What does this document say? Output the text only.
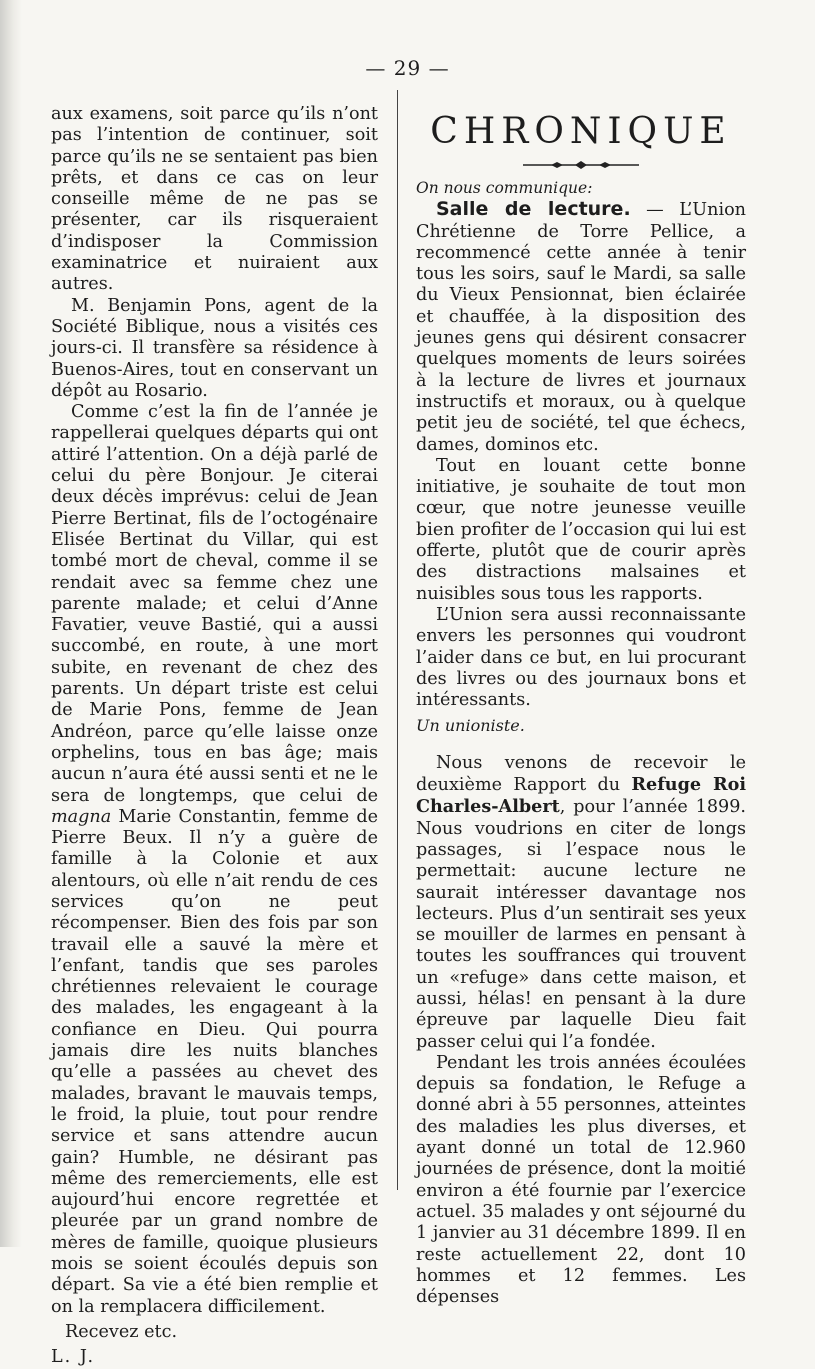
— 29 —

aux examens, soit parce qu’ils n’ont pas l’intention de continuer, soit parce qu’ils ne se sentaient pas bien prêts, et dans ce cas on leur conseille même de ne pas se présenter, car ils risqueraient d’indisposer la Commission examinatrice et nuiraient aux autres.

M. Benjamin Pons, agent de la Société Biblique, nous a visités ces jours-ci. Il transfère sa résidence à Buenos-Aires, tout en conservant un dépôt au Rosario.

Comme c’est la fin de l’année je rappellerai quelques départs qui ont attiré l’attention. On a déjà parlé de celui du père Bonjour. Je citerai deux décès imprévus: celui de Jean Pierre Bertinat, fils de l’octogénaire Elisée Bertinat du Villar, qui est tombé mort de cheval, comme il se rendait avec sa femme chez une parente malade; et celui d’Anne Favatier, veuve Bastié, qui a aussi succombé, en route, à une mort subite, en revenant de chez des parents. Un départ triste est celui de Marie Pons, femme de Jean Andréon, parce qu’elle laisse onze orphelins, tous en bas âge; mais aucun n’aura été aussi senti et ne le sera de longtemps, que celui de magna Marie Constantin, femme de Pierre Beux. Il n’y a guère de famille à la Colonie et aux alentours, où elle n’ait rendu de ces services qu’on ne peut récompenser. Bien des fois par son travail elle a sauvé la mère et l’enfant, tandis que ses paroles chrétiennes relevaient le courage des malades, les engageant à la confiance en Dieu. Qui pourra jamais dire les nuits blanches qu’elle a passées au chevet des malades, bravant le mauvais temps, le froid, la pluie, tout pour rendre service et sans attendre aucun gain? Humble, ne désirant pas même des remerciements, elle est aujourd’hui encore regrettée et pleurée par un grand nombre de mères de famille, quoique plusieurs mois se soient écoulés depuis son départ. Sa vie a été bien remplie et on la remplacera difficilement.

Recevez etc.

L. J.

CHRONIQUE

On nous communique:

Salle de lecture. — L’Union Chrétienne de Torre Pellice, a recommencé cette année à tenir tous les soirs, sauf le Mardi, sa salle du Vieux Pensionnat, bien éclairée et chauffée, à la disposition des jeunes gens qui désirent consacrer quelques moments de leurs soirées à la lecture de livres et journaux instructifs et moraux, ou à quelque petit jeu de société, tel que échecs, dames, dominos etc.

Tout en louant cette bonne initiative, je souhaite de tout mon cœur, que notre jeunesse veuille bien profiter de l’occasion qui lui est offerte, plutôt que de courir après des distractions malsaines et nuisibles sous tous les rapports.

L’Union sera aussi reconnaissante envers les personnes qui voudront l’aider dans ce but, en lui procurant des livres ou des journaux bons et intéressants.

Un unioniste.

Nous venons de recevoir le deuxième Rapport du Refuge Roi Charles-Albert, pour l’année 1899. Nous voudrions en citer de longs passages, si l’espace nous le permettait: aucune lecture ne saurait intéresser davantage nos lecteurs. Plus d’un sentirait ses yeux se mouiller de larmes en pensant à toutes les souffrances qui trouvent un «refuge» dans cette maison, et aussi, hélas! en pensant à la dure épreuve par laquelle Dieu fait passer celui qui l’a fondée.

Pendant les trois années écoulées depuis sa fondation, le Refuge a donné abri à 55 personnes, atteintes des maladies les plus diverses, et ayant donné un total de 12.960 journées de présence, dont la moitié environ a été fournie par l’exercice actuel. 35 malades y ont séjourné du 1 janvier au 31 décembre 1899. Il en reste actuellement 22, dont 10 hommes et 12 femmes. Les dépenses
